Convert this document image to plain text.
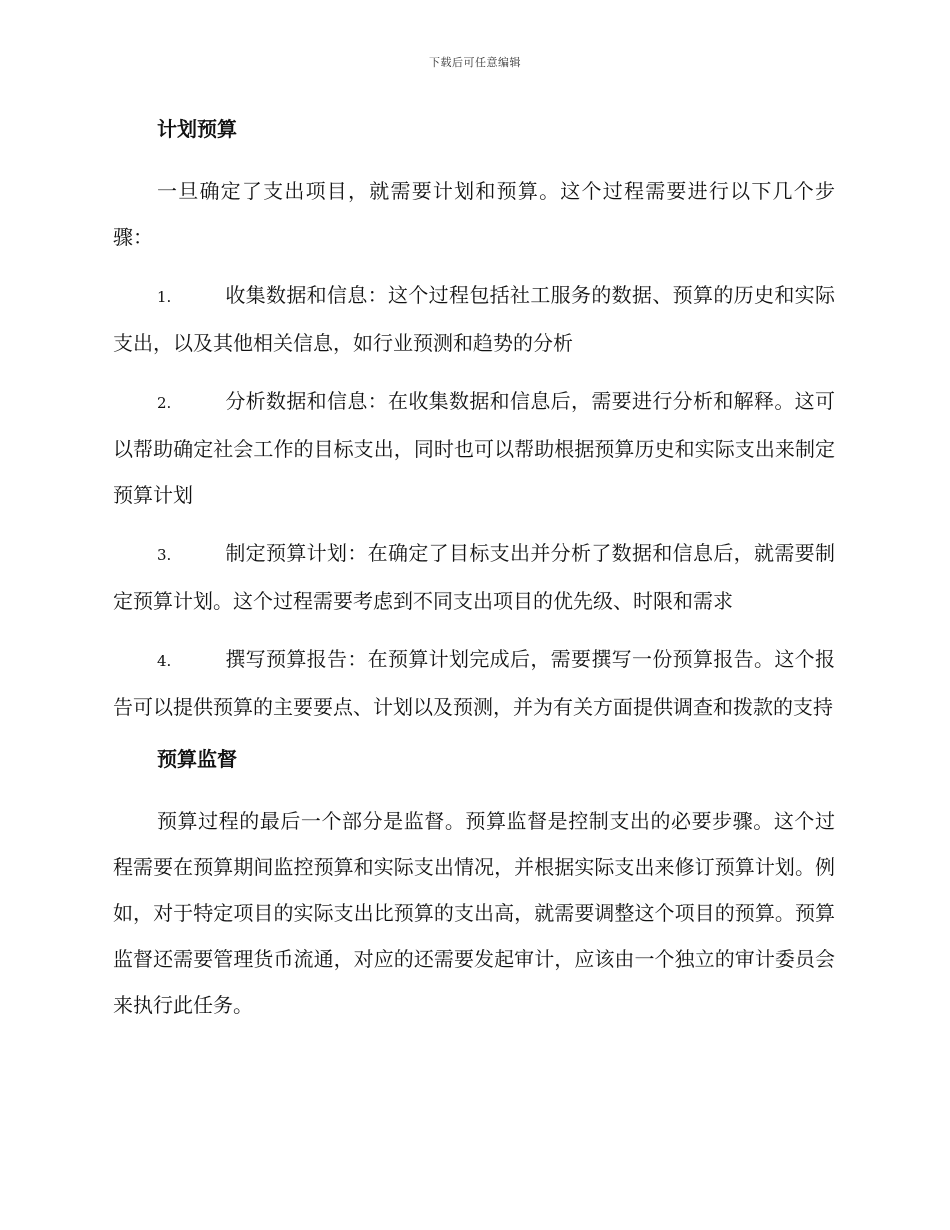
下载后可任意编辑
计划预算

一旦确定了支出项目，就需要计划和预算。这个过程需要进行以下几个步骤：

1.	收集数据和信息：这个过程包括社工服务的数据、预算的历史和实际支出，以及其他相关信息，如行业预测和趋势的分析

2.	分析数据和信息：在收集数据和信息后，需要进行分析和解释。这可以帮助确定社会工作的目标支出，同时也可以帮助根据预算历史和实际支出来制定预算计划

3.	制定预算计划：在确定了目标支出并分析了数据和信息后，就需要制定预算计划。这个过程需要考虑到不同支出项目的优先级、时限和需求

4.	撰写预算报告：在预算计划完成后，需要撰写一份预算报告。这个报告可以提供预算的主要要点、计划以及预测，并为有关方面提供调查和拨款的支持

预算监督

预算过程的最后一个部分是监督。预算监督是控制支出的必要步骤。这个过程需要在预算期间监控预算和实际支出情况，并根据实际支出来修订预算计划。例如，对于特定项目的实际支出比预算的支出高，就需要调整这个项目的预算。预算监督还需要管理货币流通，对应的还需要发起审计，应该由一个独立的审计委员会来执行此任务。
